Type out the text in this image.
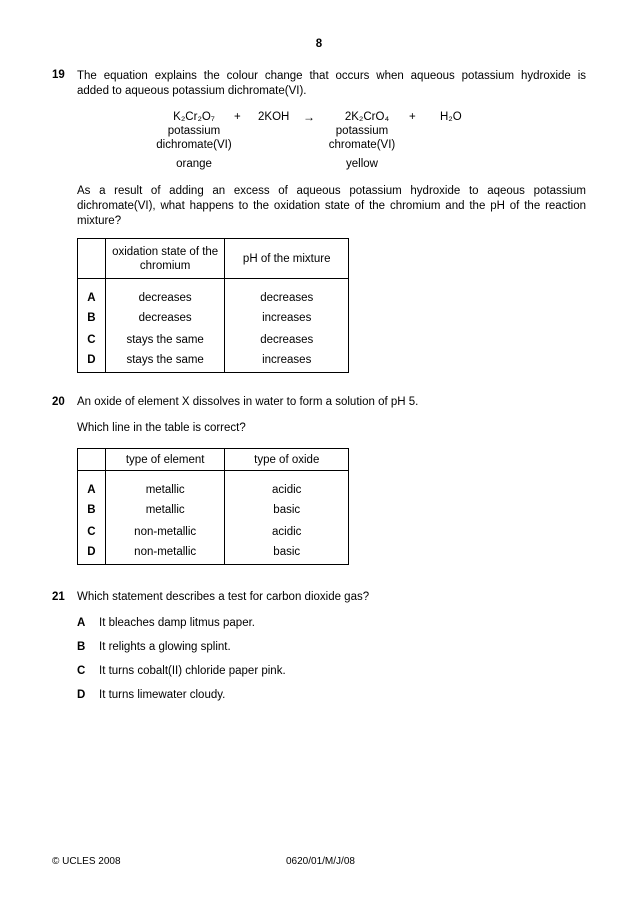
8
19 The equation explains the colour change that occurs when aqueous potassium hydroxide is
added to aqueous potassium dichromate(VI).
K₂Cr₂O₇	+ 2KOH →	2K₂CrO₄ + H₂O
potassium
dichromate(VI)
potassium
chromate(VI)
orange	yellow
As a result of adding an excess of aqueous potassium hydroxide to aqeous potassium
dichromate(VI), what happens to the oxidation state of the chromium and the pH of the reaction
mixture?

	oxidation state of the
chromium	pH of the mixture
A	decreases	decreases
B	decreases	increases
C	stays the same	decreases
D	stays the same	increases
20 An oxide of element X dissolves in water to form a solution of pH 5.
Which line in the table is correct?
	type of element	type of oxide
A	metallic	acidic
B	metallic	basic
C	non-metallic	acidic
D	non-metallic	basic
21 Which statement describes a test for carbon dioxide gas?
A It bleaches damp litmus paper.
B It relights a glowing splint.
C It turns cobalt(II) chloride paper pink.
D It turns limewater cloudy.
© UCLES 2008	0620/01/M/J/08
